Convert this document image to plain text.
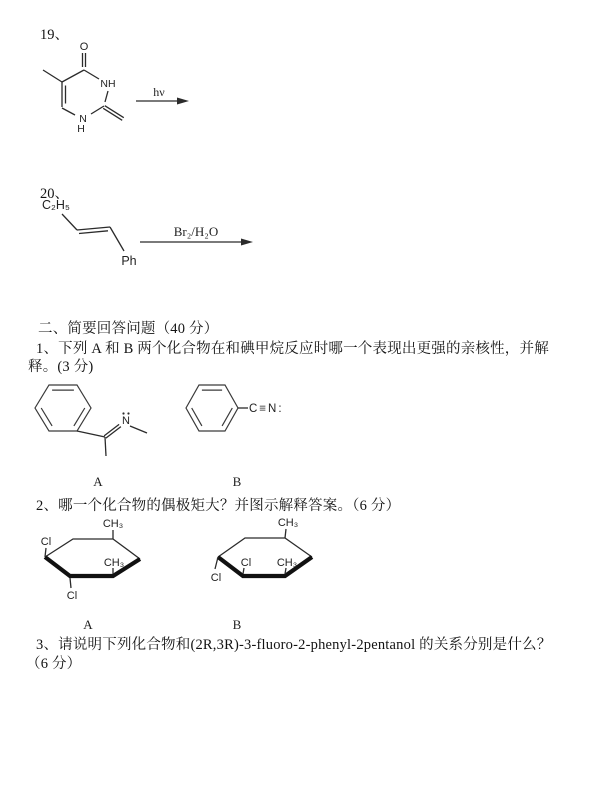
19、
O
NH
N
H
hν
20、
C₂H₅
Ph
Br₂/H₂O
二、简要回答问题（40 分）
1、下列 A 和 B 两个化合物在和碘甲烷反应时哪一个表现出更强的亲核性，并解
释。(3 分)
N
A
C≡N:
B
2、哪一个化合物的偶极矩大？并图示解释答案。（6 分）
Cl
CH₃
CH₃
Cl
A
Cl
Cl
CH₃
CH₃
B
3、请说明下列化合物和(2R,3R)-3-fluoro-2-phenyl-2pentanol 的关系分别是什么？
（6 分）
